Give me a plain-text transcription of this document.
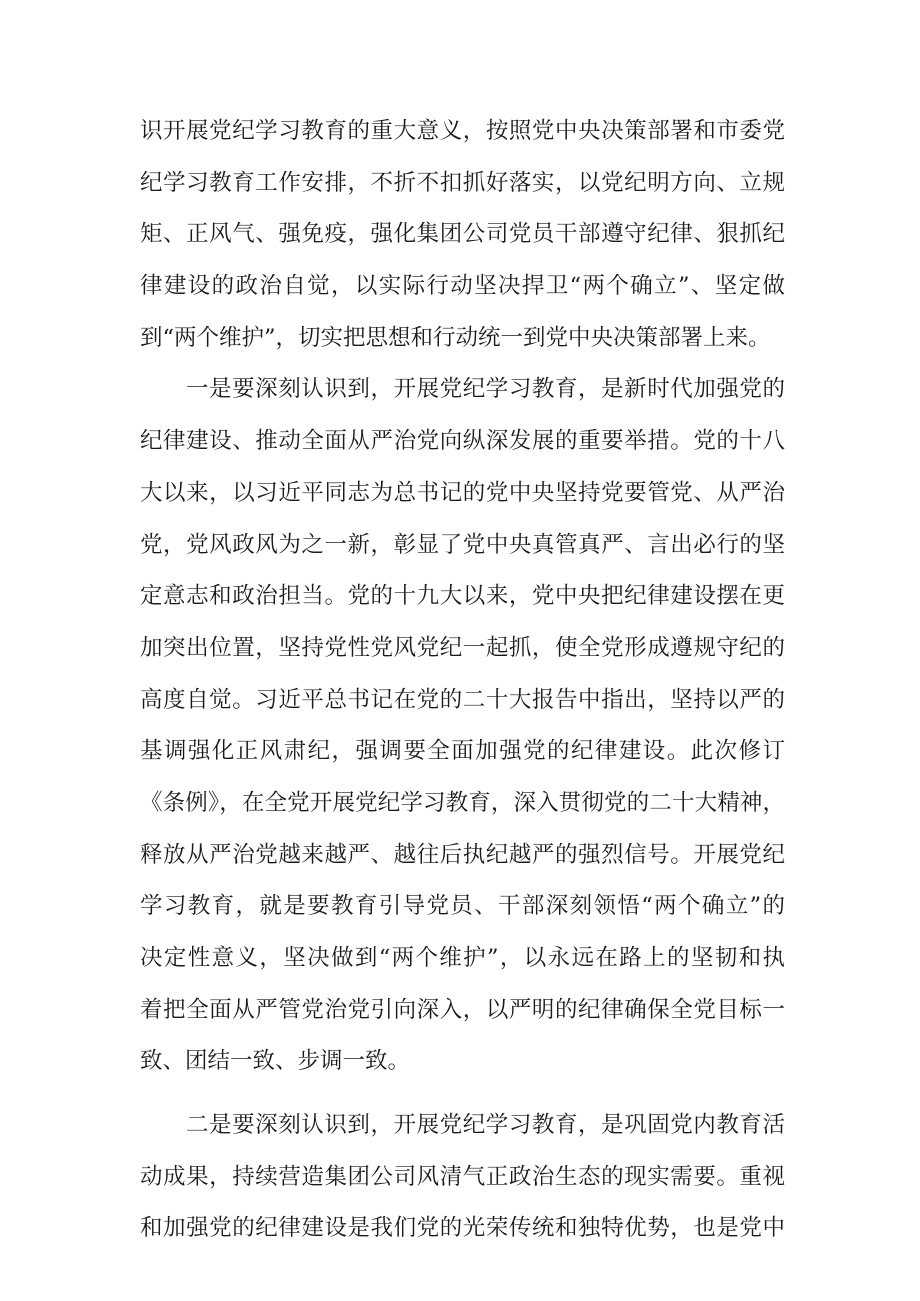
识开展党纪学习教育的重大意义，按照党中央决策部署和市委党
纪学习教育工作安排，不折不扣抓好落实，以党纪明方向、立规
矩、正风气、强免疫，强化集团公司党员干部遵守纪律、狠抓纪
律建设的政治自觉，以实际行动坚决捍卫“两个确立”、坚定做
到“两个维护”，切实把思想和行动统一到党中央决策部署上来。
一是要深刻认识到，开展党纪学习教育，是新时代加强党的
纪律建设、推动全面从严治党向纵深发展的重要举措。党的十八
大以来，以习近平同志为总书记的党中央坚持党要管党、从严治
党，党风政风为之一新，彰显了党中央真管真严、言出必行的坚
定意志和政治担当。党的十九大以来，党中央把纪律建设摆在更
加突出位置，坚持党性党风党纪一起抓，使全党形成遵规守纪的
高度自觉。习近平总书记在党的二十大报告中指出，坚持以严的
基调强化正风肃纪，强调要全面加强党的纪律建设。此次修订
《条例》，在全党开展党纪学习教育，深入贯彻党的二十大精神，
释放从严治党越来越严、越往后执纪越严的强烈信号。开展党纪
学习教育，就是要教育引导党员、干部深刻领悟“两个确立”的
决定性意义，坚决做到“两个维护”，以永远在路上的坚韧和执
着把全面从严管党治党引向深入，以严明的纪律确保全党目标一
致、团结一致、步调一致。
二是要深刻认识到，开展党纪学习教育，是巩固党内教育活
动成果，持续营造集团公司风清气正政治生态的现实需要。重视
和加强党的纪律建设是我们党的光荣传统和独特优势，也是党中
